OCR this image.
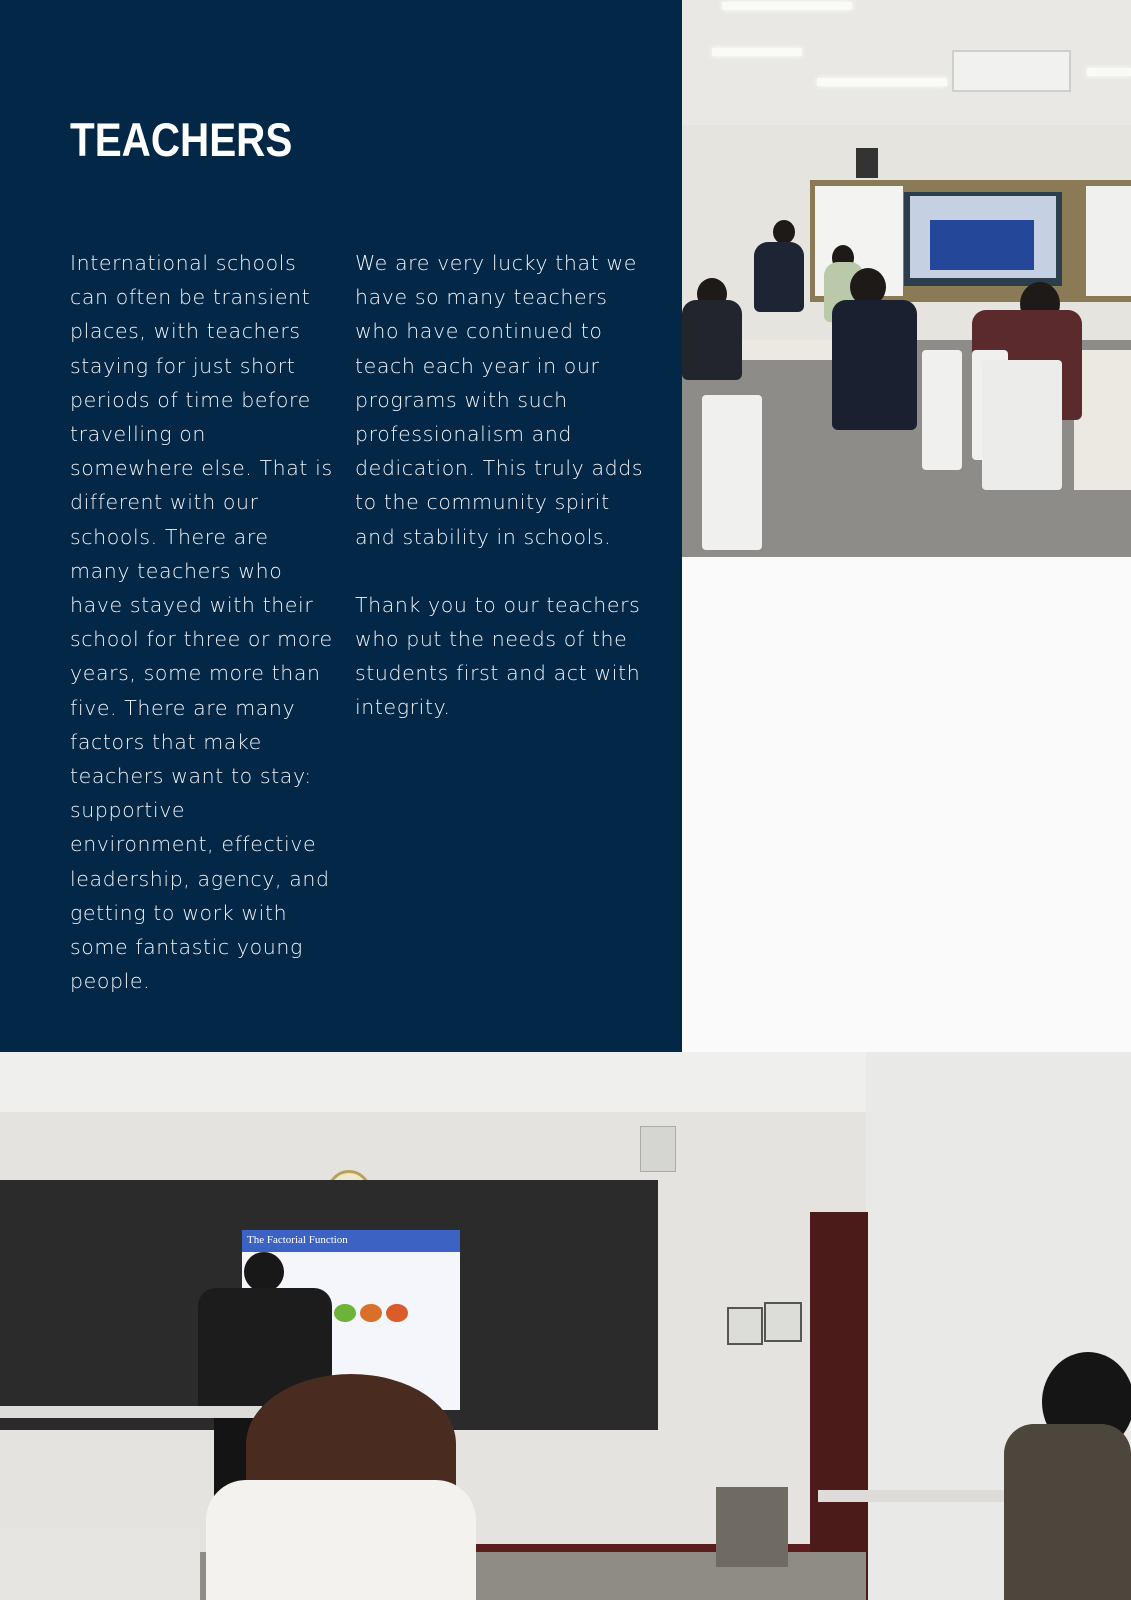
TEACHERS

International schools can often be transient places, with teachers staying for just short periods of time before travelling on somewhere else. That is different with our schools. There are many teachers who have stayed with their school for three or more years, some more than five. There are many factors that make teachers want to stay: supportive environment, effective leadership, agency, and getting to work with some fantastic young people.

We are very lucky that we have so many teachers who have continued to teach each year in our programs with such professionalism and dedication. This truly adds to the community spirit and stability in schools.

Thank you to our teachers who put the needs of the students first and act with integrity.

The Factorial Function
